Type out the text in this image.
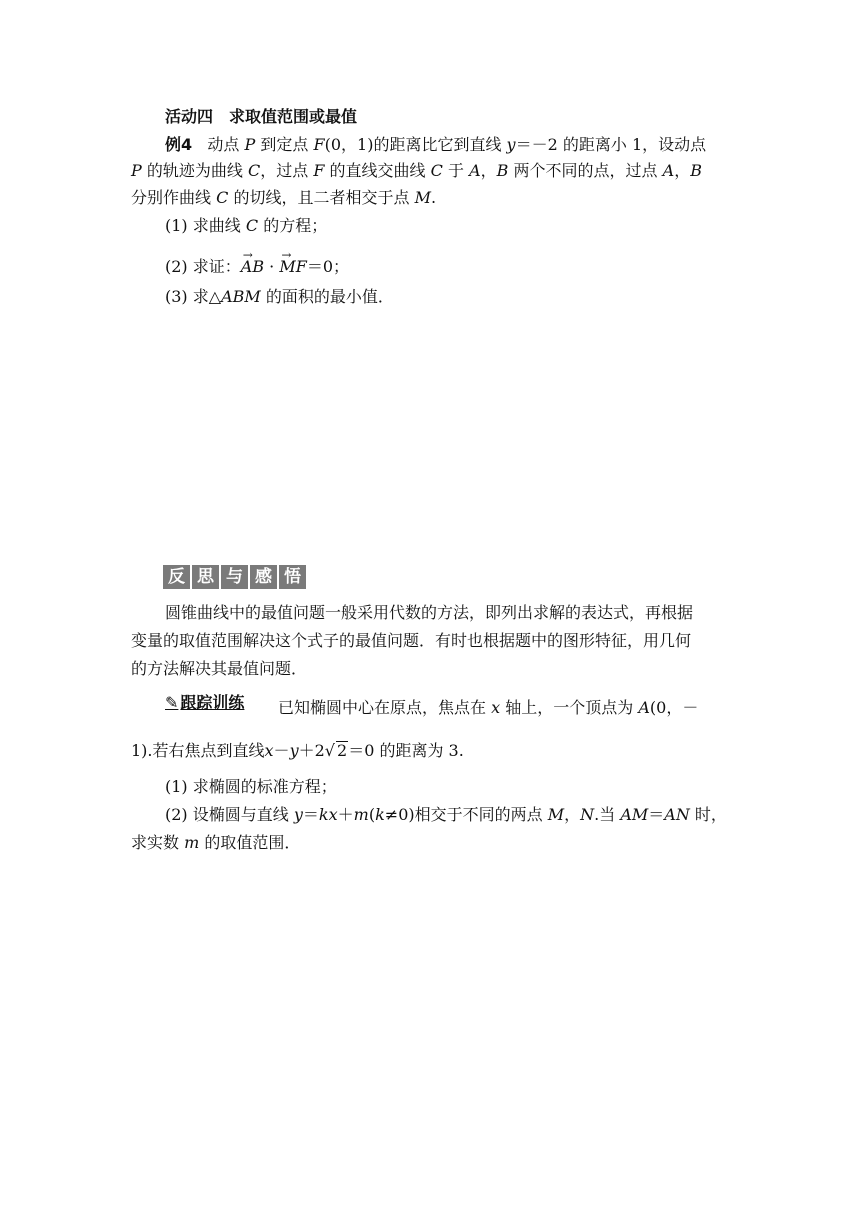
活动四　求取值范围或最值
例4 动点 P 到定点 F(0，1)的距离比它到直线 y＝－2 的距离小 1，设动点
P 的轨迹为曲线 C，过点 F 的直线交曲线 C 于 A，B 两个不同的点，过点 A，B
分别作曲线 C 的切线，且二者相交于点 M.
(1) 求曲线 C 的方程；
(2) 求证：→ AB · → MF＝0；
(3) 求△ABM 的面积的最小值．
反 思 与 感 悟
圆锥曲线中的最值问题一般采用代数的方法，即列出求解的表达式，再根据
变量的取值范围解决这个式子的最值问题．有时也根据题中的图形特征，用几何
的方法解决其最值问题．
✎ 跟踪训练 已知椭圆中心在原点，焦点在 x 轴上，一个顶点为 A(0，－
1).若右焦点到直线x－y＋2√ 2＝0 的距离为 3.
(1) 求椭圆的标准方程；
(2) 设椭圆与直线 y＝kx＋m(k≠0)相交于不同的两点 M，N.当 AM＝AN 时，
求实数 m 的取值范围．
